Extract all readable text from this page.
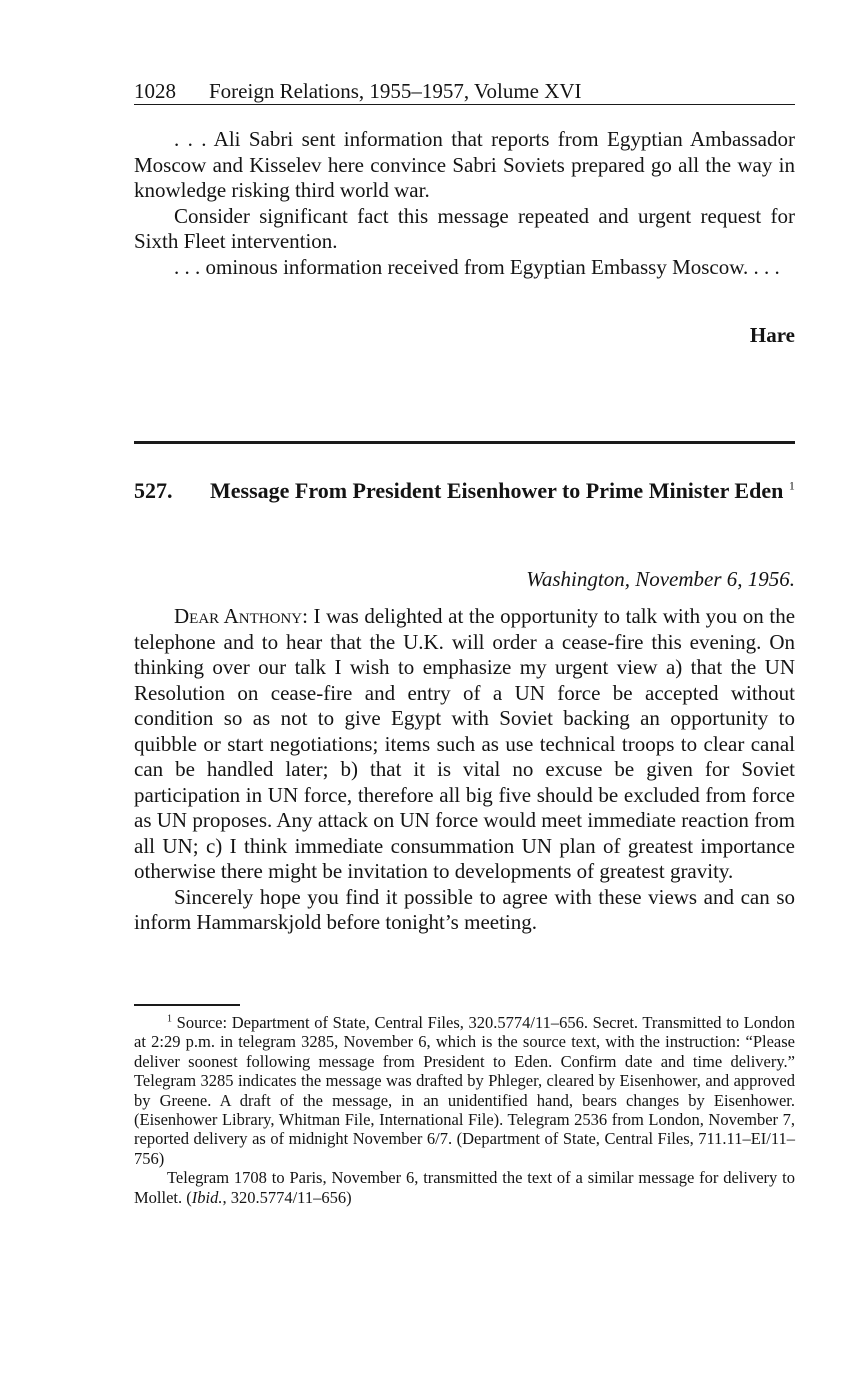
1028 Foreign Relations, 1955–1957, Volume XVI

. . . Ali Sabri sent information that reports from Egyptian Ambassador Moscow and Kisselev here convince Sabri Soviets prepared go all the way in knowledge risking third world war.

Consider significant fact this message repeated and urgent request for Sixth Fleet intervention.

. . . ominous information received from Egyptian Embassy Moscow. . . .

Hare
527. Message From President Eisenhower to Prime Minister Eden $^1$
Washington, November 6, 1956.

Dear Anthony: I was delighted at the opportunity to talk with you on the telephone and to hear that the U.K. will order a cease-fire this evening. On thinking over our talk I wish to emphasize my urgent view a) that the UN Resolution on cease-fire and entry of a UN force be accepted without condition so as not to give Egypt with Soviet backing an opportunity to quibble or start negotiations; items such as use technical troops to clear canal can be handled later; b) that it is vital no excuse be given for Soviet participation in UN force, therefore all big five should be excluded from force as UN proposes. Any attack on UN force would meet immediate reaction from all UN; c) I think immediate consummation UN plan of greatest importance otherwise there might be invitation to developments of greatest gravity.

Sincerely hope you find it possible to agree with these views and can so inform Hammarskjold before tonight’s meeting.

$^1$ Source: Department of State, Central Files, 320.5774/11–656. Secret. Transmitted to London at 2:29 p.m. in telegram 3285, November 6, which is the source text, with the instruction: “Please deliver soonest following message from President to Eden. Confirm date and time delivery.” Telegram 3285 indicates the message was drafted by Phleger, cleared by Eisenhower, and approved by Greene. A draft of the message, in an unidentified hand, bears changes by Eisenhower. (Eisenhower Library, Whitman File, International File). Telegram 2536 from London, November 7, reported delivery as of midnight November 6/7. (Department of State, Central Files, 711.11–EI/11–756)

Telegram 1708 to Paris, November 6, transmitted the text of a similar message for delivery to Mollet. (Ibid., 320.5774/11–656)
